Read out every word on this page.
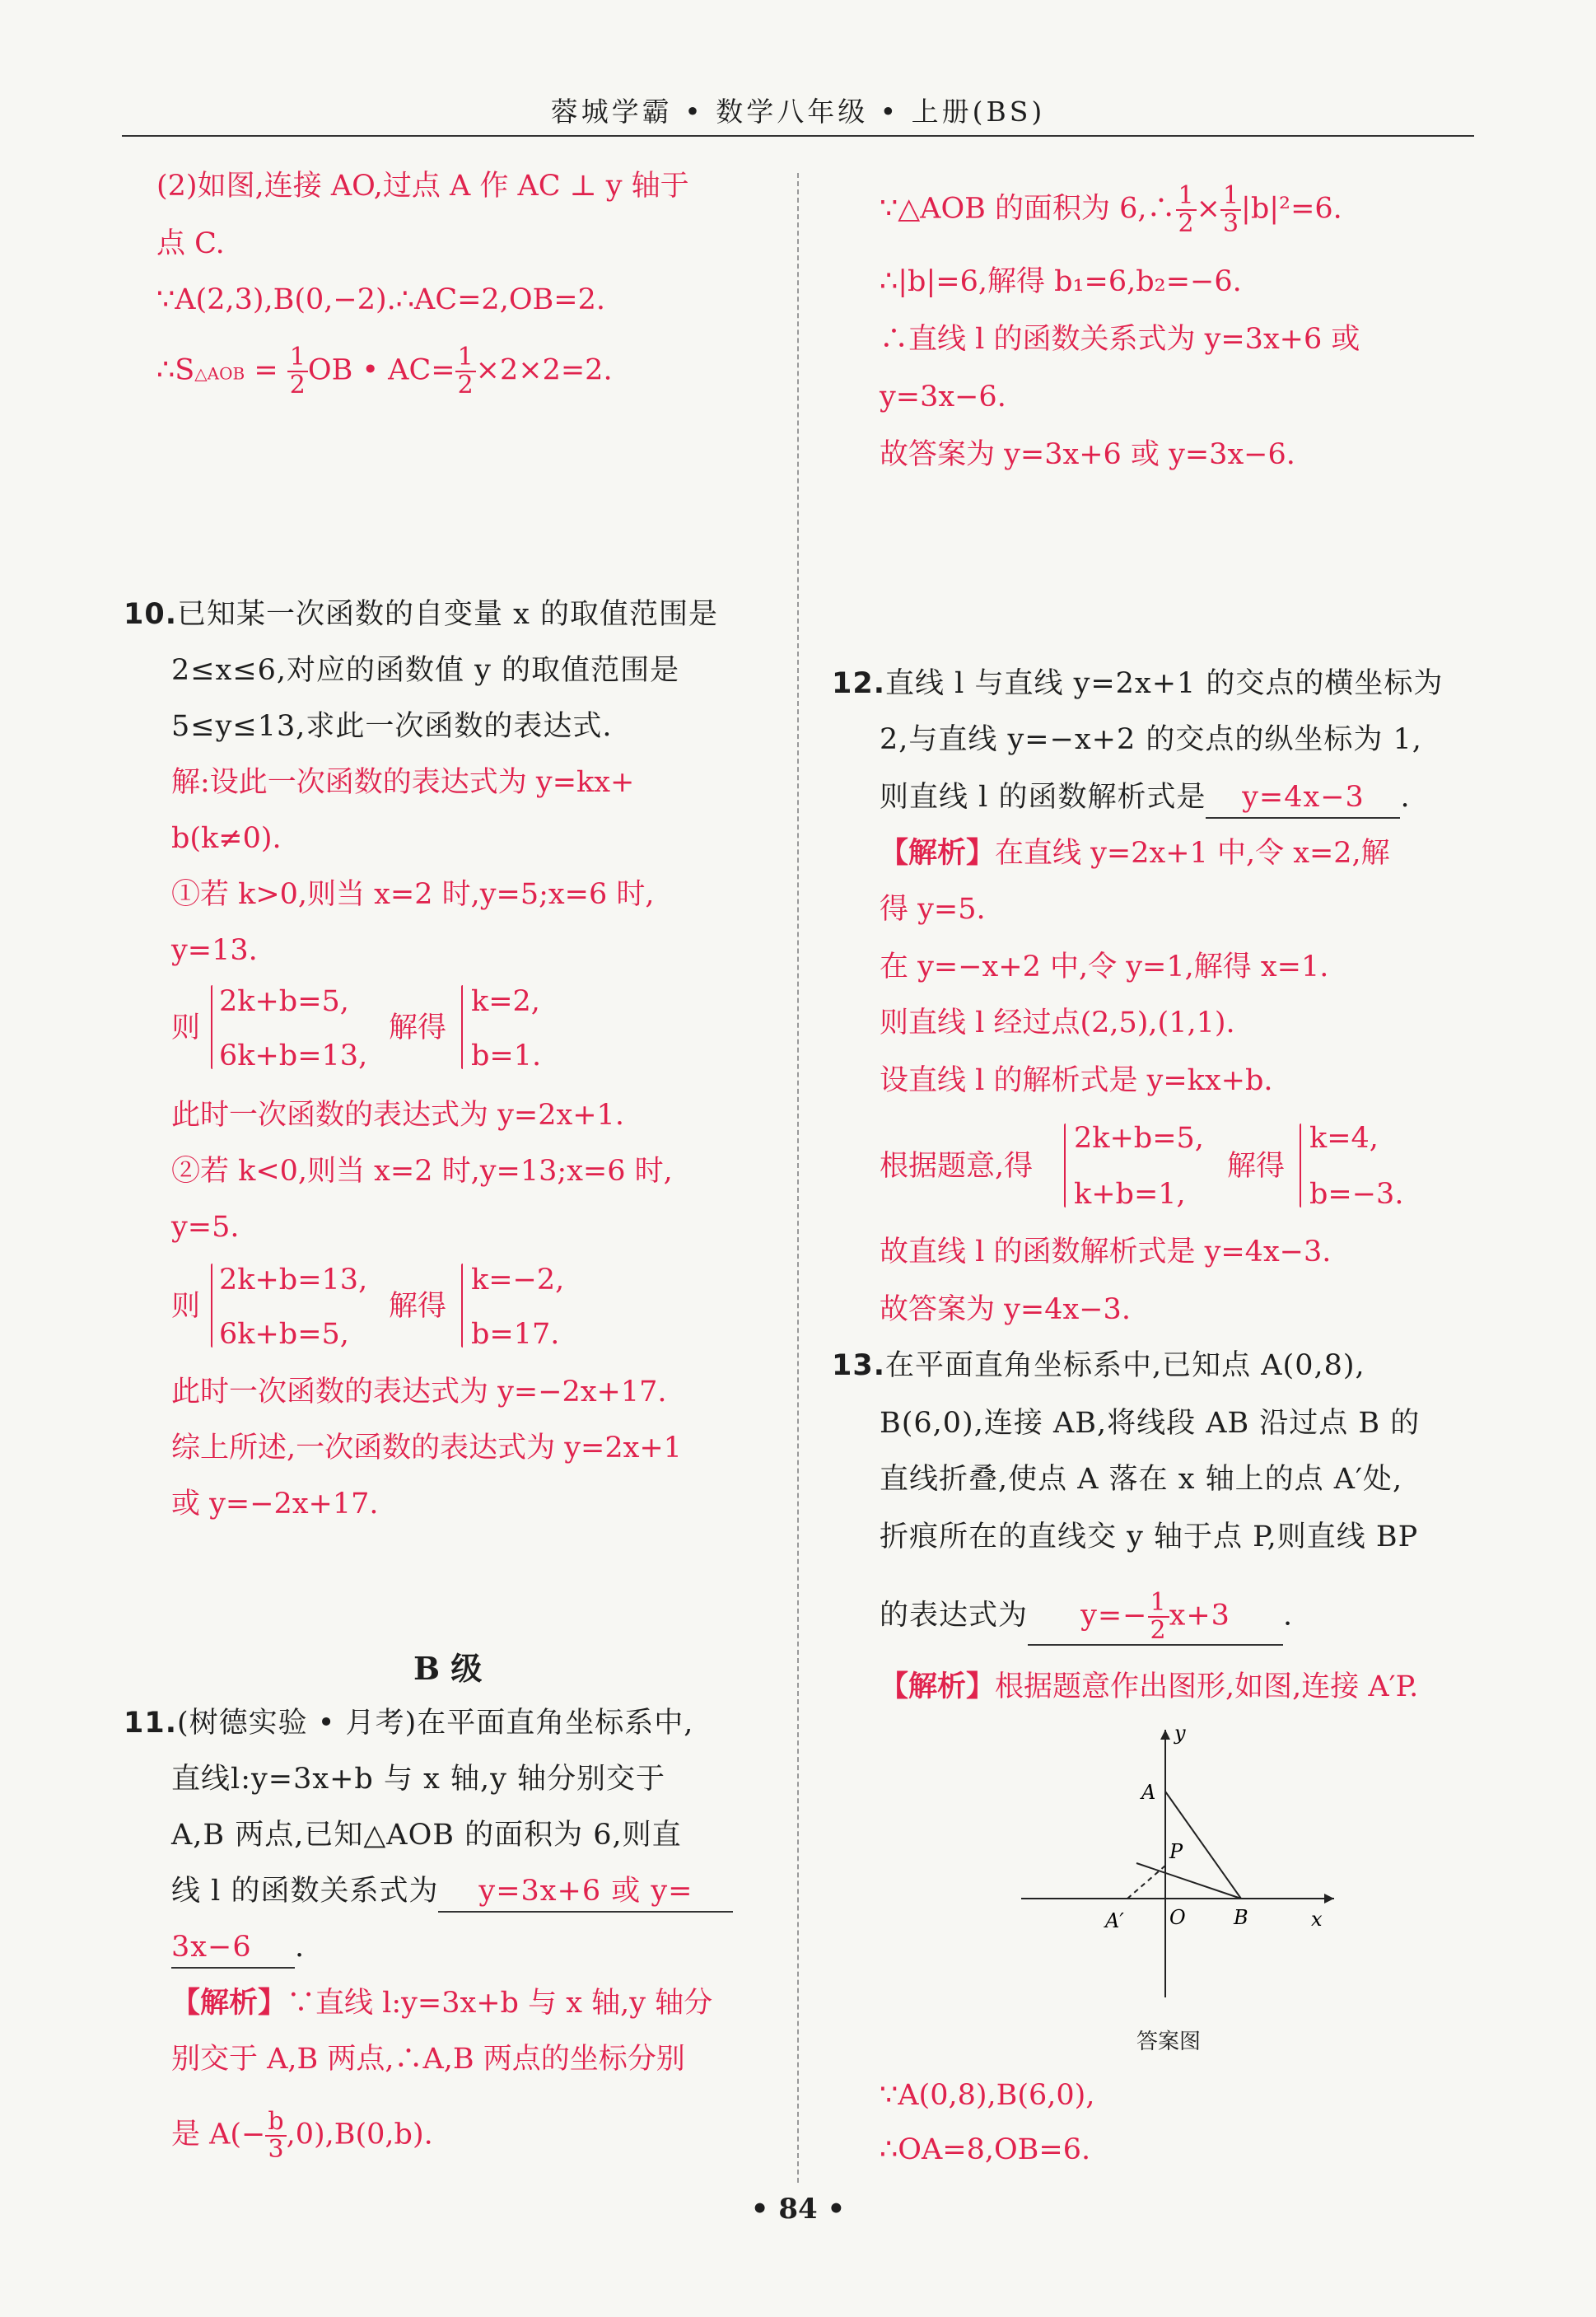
蓉城学霸 • 数学八年级 • 上册(BS)
(2)如图,连接 AO,过点 A 作 AC ⊥ y 轴于
点 C.
∵A(2,3),B(0,−2).∴AC=2,OB=2.
∴S△AOB = $\frac{1}{2}$ OB • $AC= \frac{1}{2} \times 2\times 2=2$.
10.已知某一次函数的自变量 x 的取值范围是
2≤x≤6,对应的函数值 y 的取值范围是
5≤y≤13,求此一次函数的表达式.
解:设此一次函数的表达式为 y=kx+
b(k≠0).
①若 k>0,则当 x=2 时,y=5;x=6 时,
y=13.
则
2k+b=5,
6k+b=13,
解得
k=2,
b=1.
此时一次函数的表达式为 y=2x+1.
②若 k<0,则当 x=2 时,y=13;x=6 时,
y=5.
则
2k+b=13,
6k+b=5,
解得
k=−2,
b=17.
此时一次函数的表达式为 y=−2x+17.
综上所述,一次函数的表达式为 y=2x+1
或 y=−2x+17.
B 级
11.(树德实验 • 月考)在平面直角坐标系中,
直线l:y=3x+b 与 x 轴,y 轴分别交于
A,B 两点,已知△AOB 的面积为 6,则直
线 l 的函数关系式为 y=3x+6 或 y=
3x−6 .
【解析】∵直线 l:y=3x+b 与 x 轴,y 轴分
别交于 A,B 两点,∴A,B 两点的坐标分别
是 $A(- \frac{b}{3} ,0),B(0,b)$.
∵△AOB 的面积为 6,∴ $\frac{1}{2} \times \frac{1}{3} |b|^2=6$.
∴|b|=6,解得 b₁=6,b₂=−6.
∴直线 l 的函数关系式为 y=3x+6 或
y=3x−6.
故答案为 y=3x+6 或 y=3x−6.
12.直线 l 与直线 y=2x+1 的交点的横坐标为
2,与直线 y=−x+2 的交点的纵坐标为 1,
则直线 l 的函数解析式是 y=4x−3 .
【解析】在直线 y=2x+1 中,令 x=2,解
得 y=5.
在 y=−x+2 中,令 y=1,解得 x=1.
则直线 l 经过点(2,5),(1,1).
设直线 l 的解析式是 y=kx+b.
根据题意,得
2k+b=5,
k+b=1,
解得
k=4,
b=−3.
故直线 l 的函数解析式是 y=4x−3.
故答案为 y=4x−3.
13.在平面直角坐标系中,已知点 A(0,8),
B(6,0),连接 AB,将线段 AB 沿过点 B 的
直线折叠,使点 A 落在 x 轴上的点 A′处,
折痕所在的直线交 y 轴于点 P,则直线 BP
的表达式为 $y=- \frac{1}{2} x+3$ .
【解析】根据题意作出图形,如图,连接 A′P.
y
x
A
P
A′ O B
答案图
∵A(0,8),B(6,0),
∴OA=8,OB=6.
• 84 •
